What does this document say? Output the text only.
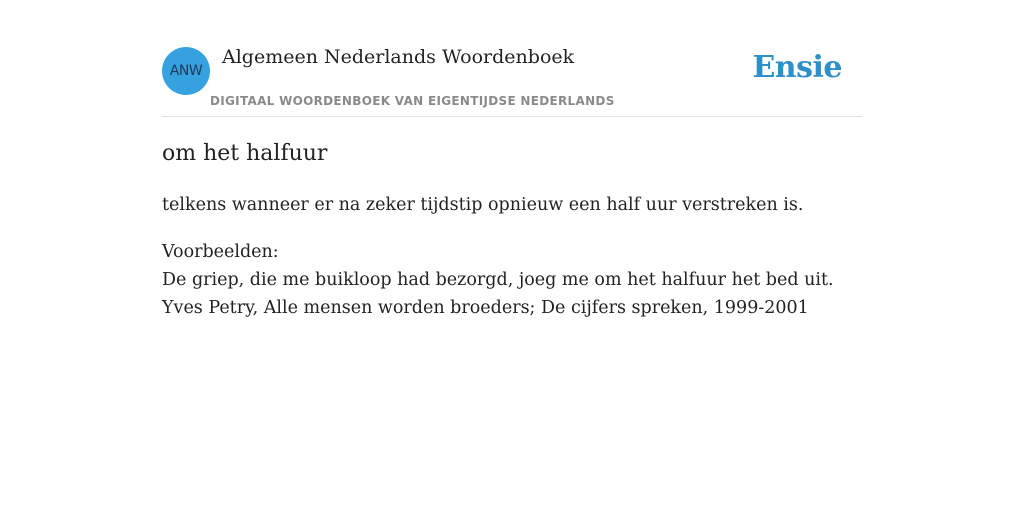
ANW
Algemeen Nederlands Woordenboek
DIGITAAL WOORDENBOEK VAN EIGENTIJDSE NEDERLANDS
Ensie
om het halfuur

telkens wanneer er na zeker tijdstip opnieuw een half uur verstreken is.

Voorbeelden:
De griep, die me buikloop had bezorgd, joeg me om het halfuur het bed uit.
Yves Petry, Alle mensen worden broeders; De cijfers spreken, 1999-2001
